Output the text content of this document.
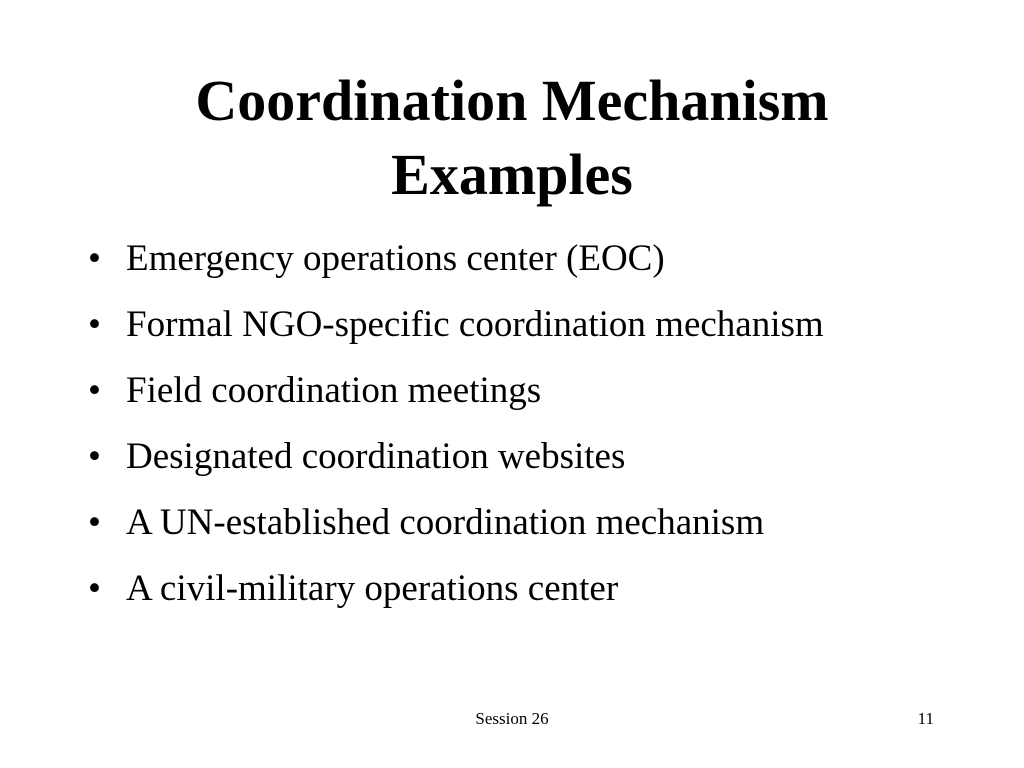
Coordination Mechanism
Examples
• Emergency operations center (EOC)
• Formal NGO-specific coordination mechanism
• Field coordination meetings
• Designated coordination websites
• A UN-established coordination mechanism
• A civil-military operations center
Session 26	11
